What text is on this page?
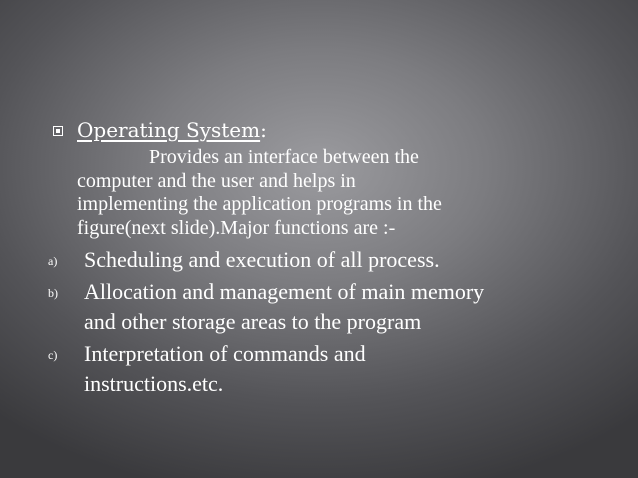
Operating System:
Provides an interface between the
computer and the user and helps in
implementing the application programs in the
figure(next slide).Major functions are :-
a) Scheduling and execution of all process.
b) Allocation and management of main memory
and other storage areas to the program
c) Interpretation of commands and
instructions.etc.
